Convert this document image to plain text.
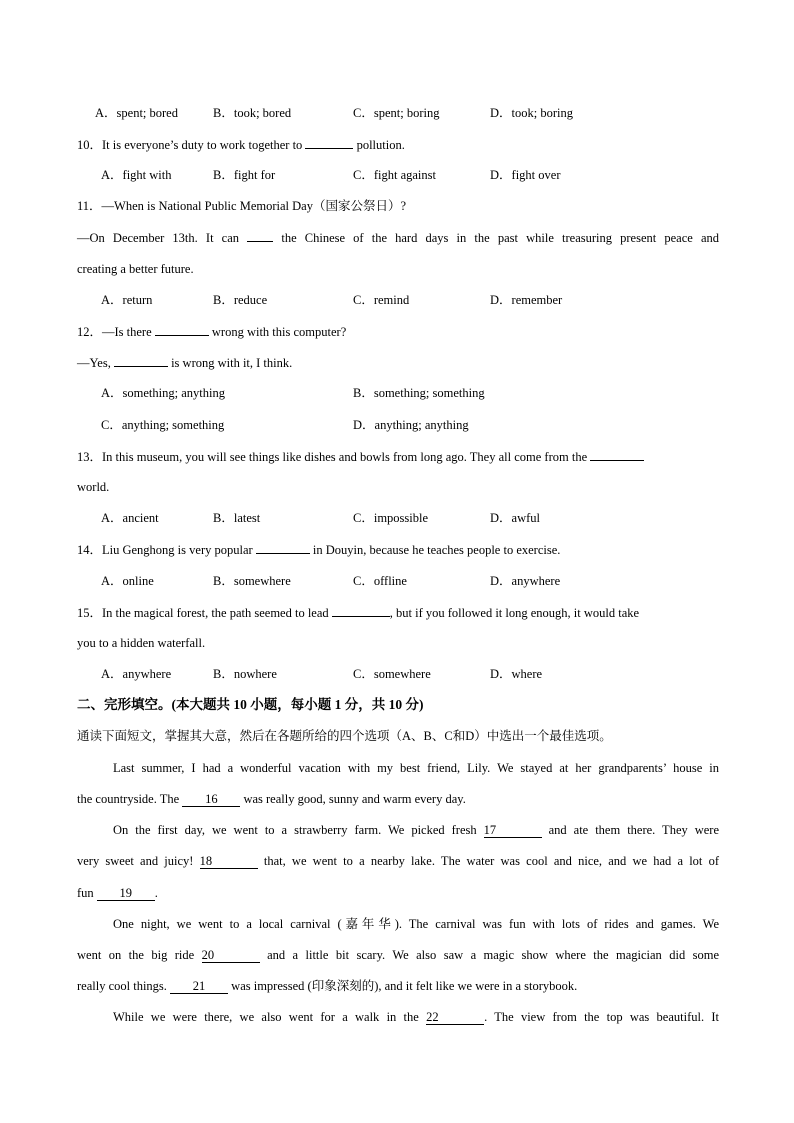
A．spent; bored	B．took; bored	C．spent; boring	D．took; boring
10．It is everyone’s duty to work together to	pollution.
A．fight with	B．fight for	C．fight against	D．fight over
11．—When is National Public Memorial Day（国家公祭日）?
—On December 13th. It can	the Chinese of the hard days in the past while treasuring present peace and
creating a better future.
A．return	B．reduce	C．remind	D．remember
12．—Is there	wrong with this computer?
—Yes,	is wrong with it, I think.
A．something; anything	B．something; something
C．anything; something	D．anything; anything
13．In this museum, you will see things like dishes and bowls from long ago. They all come from the
world.
A．ancient	B．latest	C．impossible	D．awful
14．Liu Genghong is very popular	in Douyin, because he teaches people to exercise.
A．online	B．somewhere	C．offline	D．anywhere
15．In the magical forest, the path seemed to lead	, but if you followed it long enough, it would take
you to a hidden waterfall.
A．anywhere	B．nowhere	C．somewhere	D．where
二、完形填空。(本大题共 10 小题，每小题 1 分，共 10 分)
通读下面短文，掌握其大意，然后在各题所给的四个选项（A、B、C和D）中选出一个最佳选项。
Last summer, I had a wonderful vacation with my best friend, Lily. We stayed at her grandparents’ house in
the countryside. The 16 was really good, sunny and warm every day.
On the first day, we went to a strawberry farm. We picked fresh 17	and ate them there. They were
very sweet and juicy! 18	that, we went to a nearby lake. The water was cool and nice, and we had a lot of
fun 19 .
One night, we went to a local carnival (嘉年华). The carnival was fun with lots of rides and games. We
went on the big ride 20	and a little bit scary. We also saw a magic show where the magician did some
really cool things. 21 was impressed (印象深刻的), and it felt like we were in a storybook.
While we were there, we also went for a walk in the 22	. The view from the top was beautiful. It
